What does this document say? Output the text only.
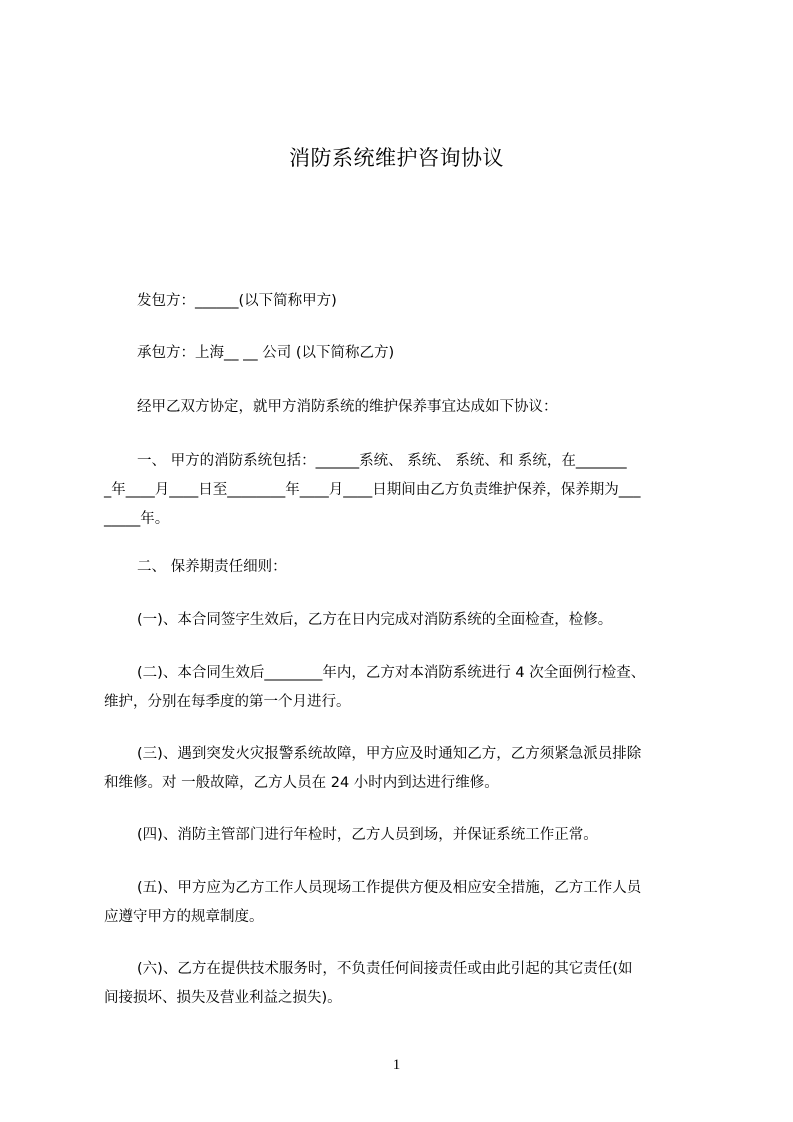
消防系统维护咨询协议

发包方：______(以下简称甲方)

承包方：上海__ __ 公司 (以下简称乙方)

经甲乙双方协定，就甲方消防系统的维护保养事宜达成如下协议：

一、 甲方的消防系统包括：______系统、 系统、 系统、和 系统，在_______
_年____月____日至________年____月____日期间由乙方负责维护保养，保养期为___
_____年。

二、 保养期责任细则：

(一)、本合同签字生效后，乙方在日内完成对消防系统的全面检查，检修。

(二)、本合同生效后________年内，乙方对本消防系统进行 4 次全面例行检查、
维护，分别在每季度的第一个月进行。
(三)、遇到突发火灾报警系统故障，甲方应及时通知乙方，乙方须紧急派员排除
和维修。对 一般故障，乙方人员在 24 小时内到达进行维修。

(四)、消防主管部门进行年检时，乙方人员到场，并保证系统工作正常。

(五)、甲方应为乙方工作人员现场工作提供方便及相应安全措施，乙方工作人员
应遵守甲方的规章制度。
(六)、乙方在提供技术服务时，不负责任何间接责任或由此引起的其它责任(如
间接损坏、损失及营业利益之损失)。
1
